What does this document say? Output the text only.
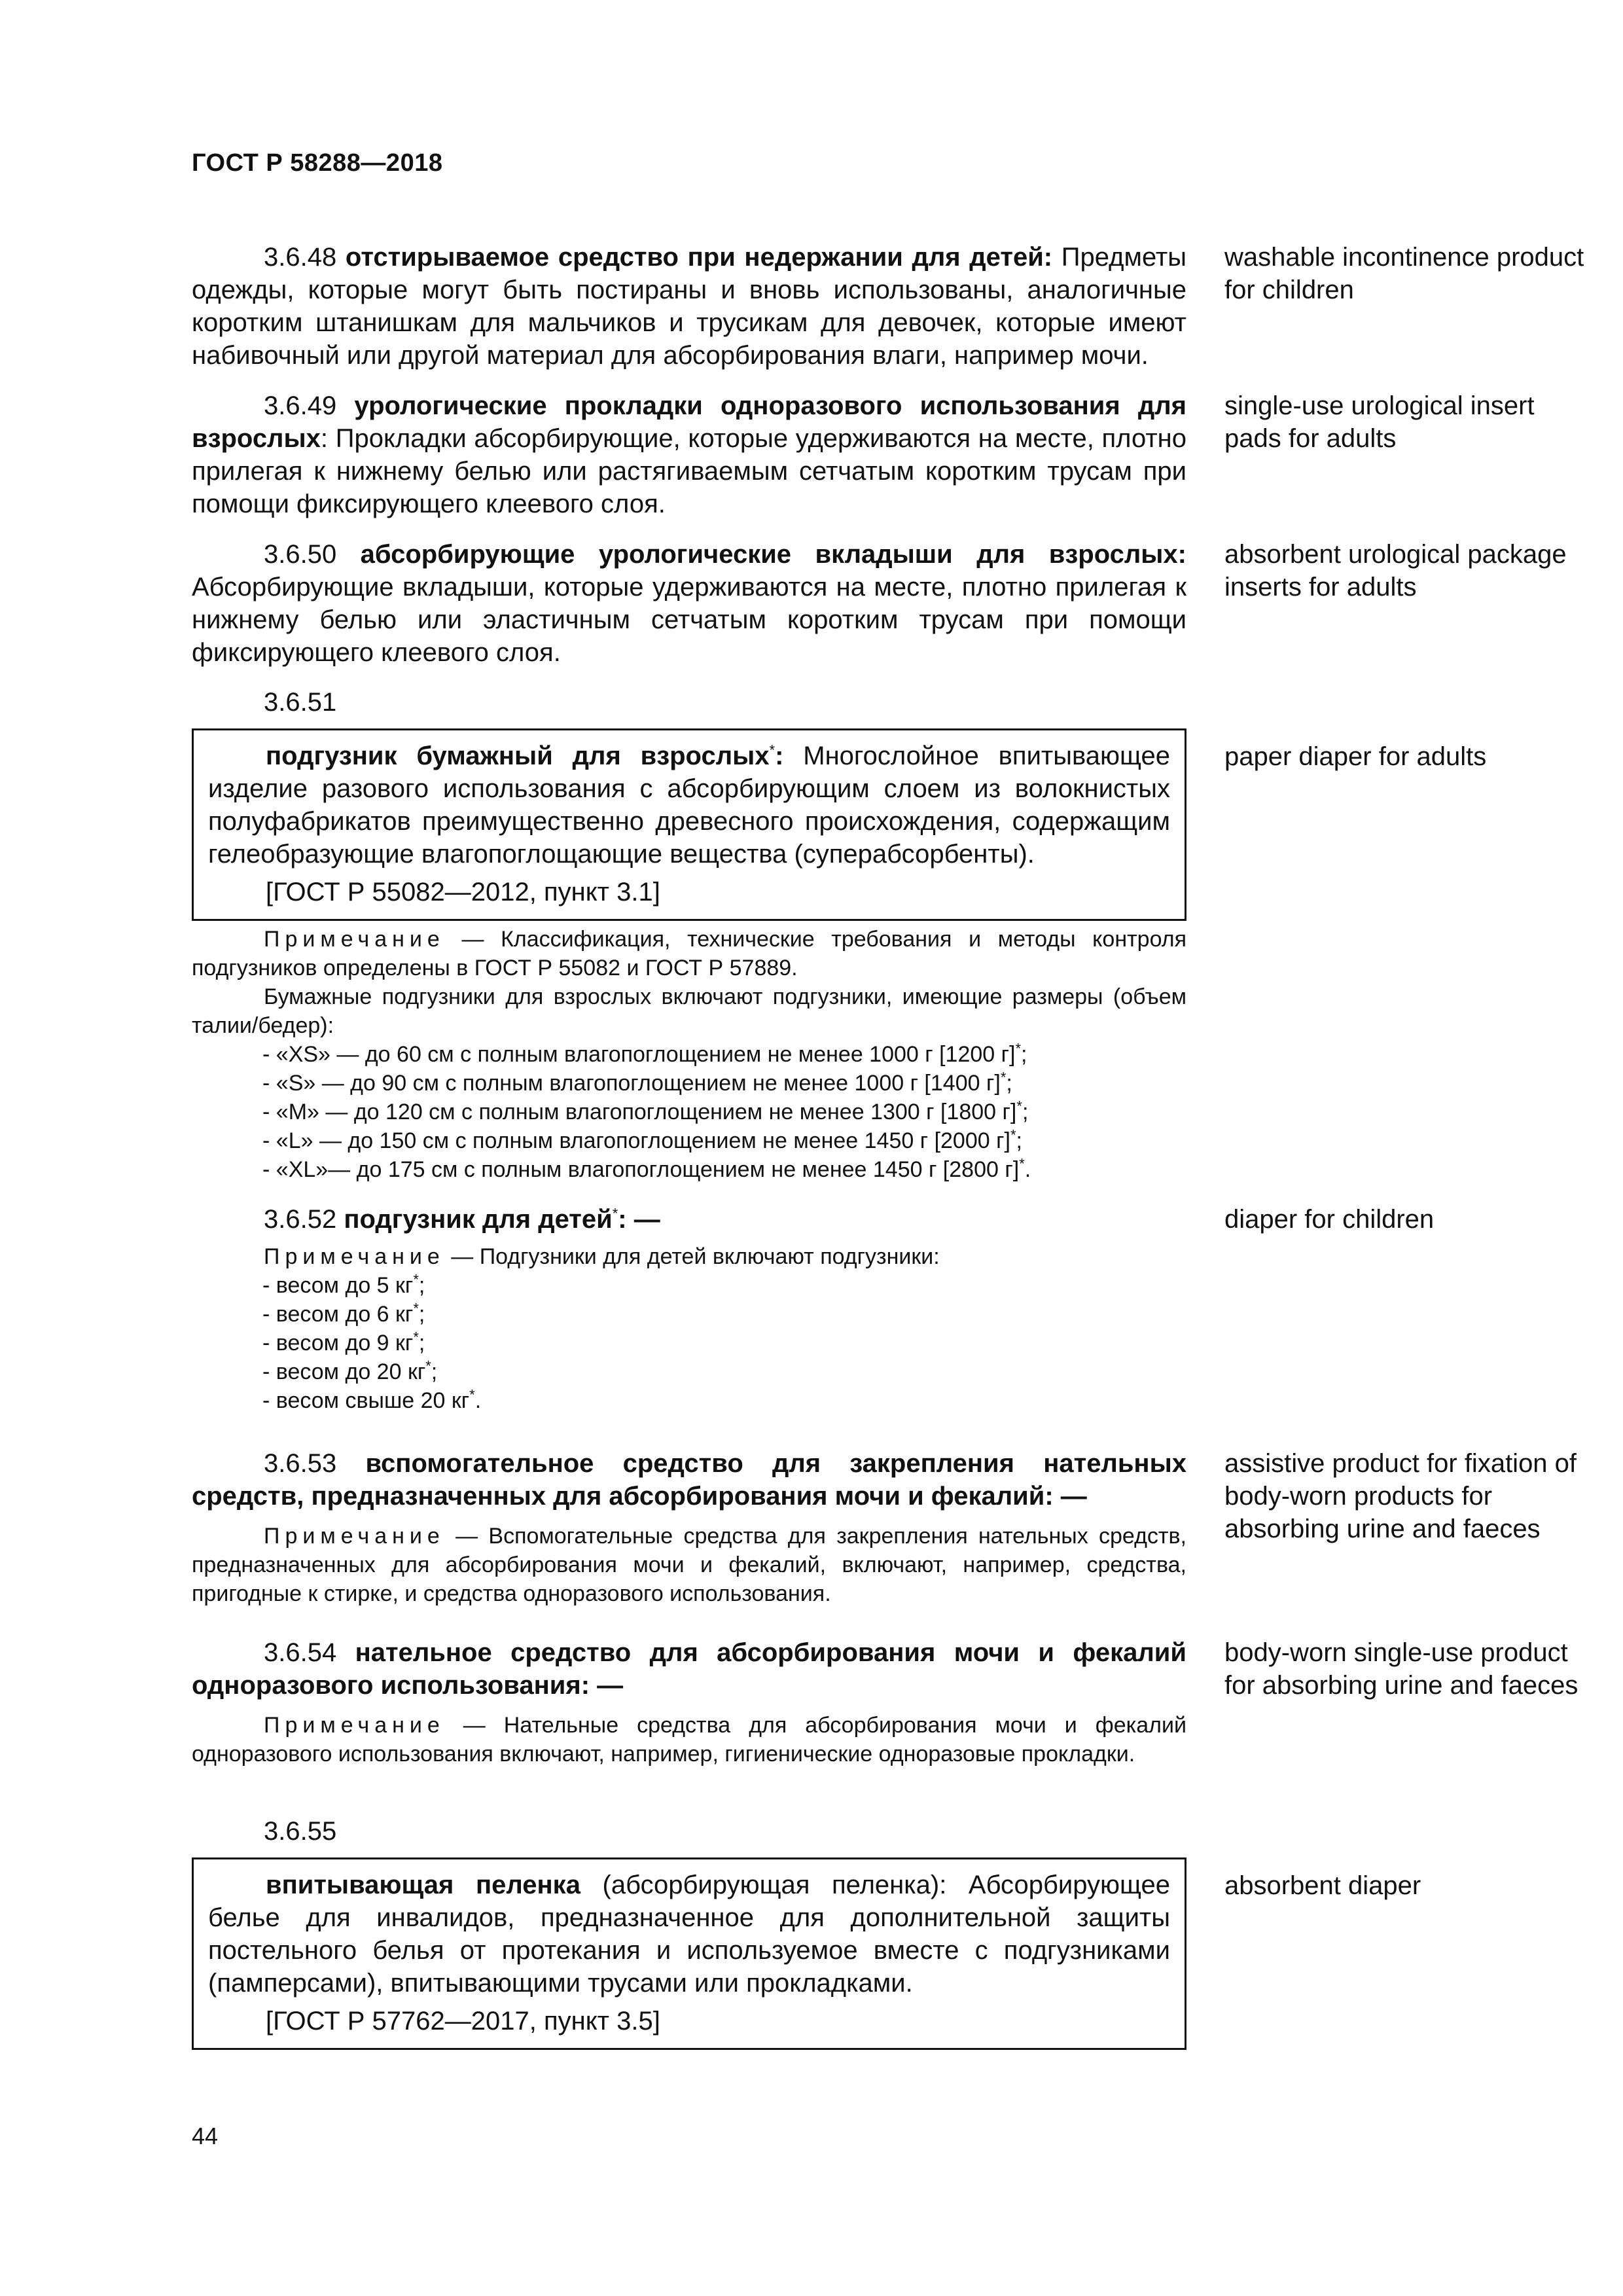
ГОСТ Р 58288—2018

3.6.48 отстирываемое средство при недержании для детей: Предметы одежды, которые могут быть постираны и вновь использованы, аналогичные коротким штанишкам для мальчиков и трусикам для девочек, которые имеют набивочный или другой материал для абсорбирования влаги, например мочи.

washable incontinence product for children

3.6.49 урологические прокладки одноразового использования для взрослых: Прокладки абсорбирующие, которые удерживаются на месте, плотно прилегая к нижнему белью или растягиваемым сетчатым коротким трусам при помощи фиксирующего клеевого слоя.

single-use urological insert pads for adults

3.6.50 абсорбирующие урологические вкладыши для взрослых: Абсорбирующие вкладыши, которые удерживаются на месте, плотно прилегая к нижнему белью или эластичным сетчатым коротким трусам при помощи фиксирующего клеевого слоя.

absorbent urological package inserts for adults
3.6.51

подгузник бумажный для взрослых*: Многослойное впитывающее изделие разового использования с абсорбирующим слоем из волокнистых полуфабрикатов преимущественно древесного происхождения, содержащим гелеобразующие влагопоглощающие вещества (суперабсорбенты).

[ГОСТ Р 55082—2012, пункт 3.1]
paper diaper for adults

Примечание — Классификация, технические требования и методы контроля подгузников определены в ГОСТ Р 55082 и ГОСТ Р 57889.

Бумажные подгузники для взрослых включают подгузники, имеющие размеры (объем талии/бедер):

- «XS» — до 60 см с полным влагопоглощением не менее 1000 г [1200 г]*;
- «S» — до 90 см с полным влагопоглощением не менее 1000 г [1400 г]*;
- «M» — до 120 см с полным влагопоглощением не менее 1300 г [1800 г]*;
- «L» — до 150 см с полным влагопоглощением не менее 1450 г [2000 г]*;
- «XL»— до 175 см с полным влагопоглощением не менее 1450 г [2800 г]*.

3.6.52 подгузник для детей*: —

Примечание — Подгузники для детей включают подгузники:

- весом до 5 кг*;
- весом до 6 кг*;
- весом до 9 кг*;
- весом до 20 кг*;
- весом свыше 20 кг*.
diaper for children

3.6.53 вспомогательное средство для закрепления нательных средств, предназначенных для абсорбирования мочи и фекалий: —

Примечание — Вспомогательные средства для закрепления нательных средств, предназначенных для абсорбирования мочи и фекалий, включают, например, средства, пригодные к стирке, и средства одноразового использования.

assistive product for fixation of body-worn products for absorbing urine and faeces

3.6.54 нательное средство для абсорбирования мочи и фекалий одноразового использования: —

Примечание — Нательные средства для абсорбирования мочи и фекалий одноразового использования включают, например, гигиенические одноразовые прокладки.

body-worn single-use product for absorbing urine and faeces
3.6.55

впитывающая пеленка (абсорбирующая пеленка): Абсорбирующее белье для инвалидов, предназначенное для дополнительной защиты постельного белья от протекания и используемое вместе с подгузниками (памперсами), впитывающими трусами или прокладками.

[ГОСТ Р 57762—2017, пункт 3.5]
absorbent diaper
44
